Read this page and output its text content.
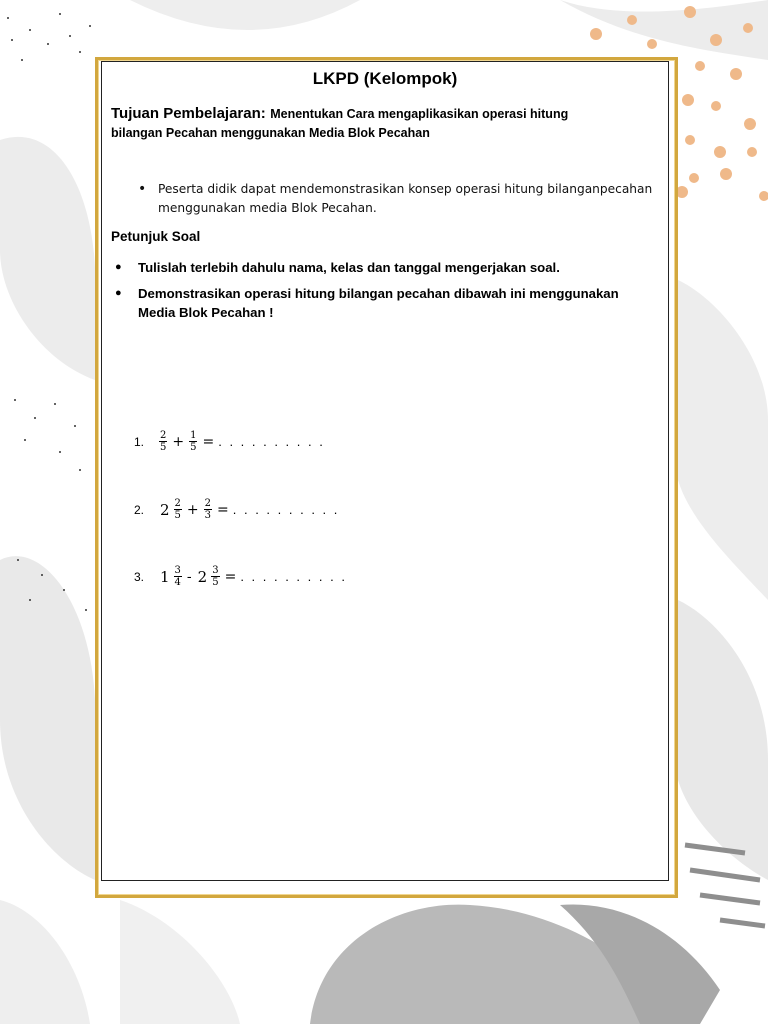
LKPD (Kelompok)
Tujuan Pembelajaran: Menentukan Cara mengaplikasikan operasi hitung
bilangan Pecahan menggunakan Media Blok Pecahan
• Peserta didik dapat mendemonstrasikan konsep operasi hitung bilanganpecahan menggunakan media Blok Pecahan.
Petunjuk Soal
● Tulislah terlebih dahulu nama, kelas dan tanggal mengerjakan soal.
● Demonstrasikan operasi hitung bilangan pecahan dibawah ini menggunakan Media Blok Pecahan !
1.	$\frac{2}{5} + \frac{1}{5}$ = . . . . . . . . . .
2.	$2 \frac{2}{5} + \frac{2}{3}$ = . . . . . . . . . .
3.	$1 \frac{3}{4} - 2 \frac{3}{5}$ = . . . . . . . . . .
